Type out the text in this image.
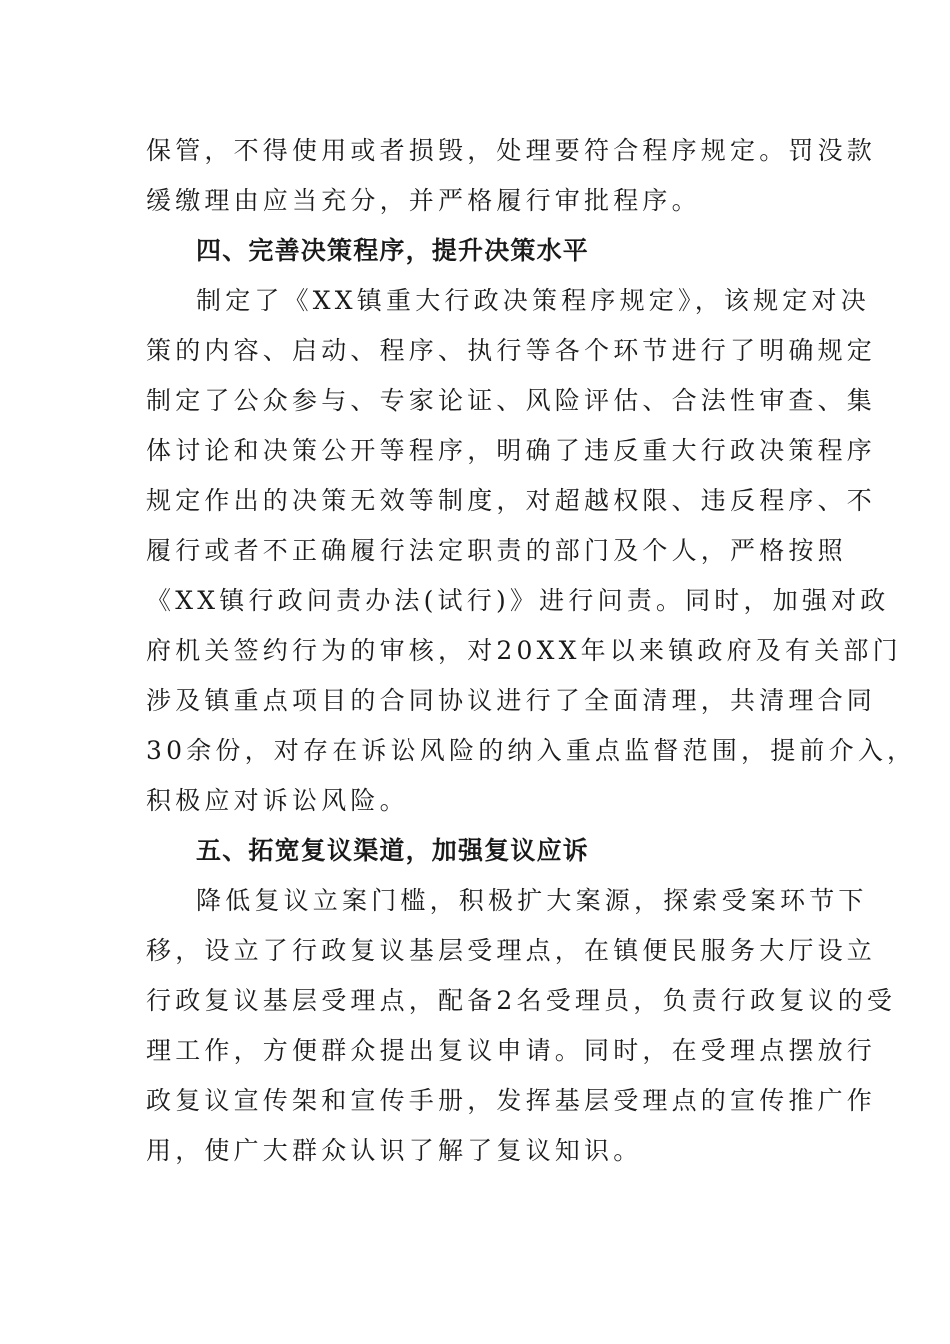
保管，不得使用或者损毁，处理要符合程序规定。罚没款
缓缴理由应当充分，并严格履行审批程序。
四、完善决策程序，提升决策水平
制定了《XX镇重大行政决策程序规定》，该规定对决
策的内容、启动、程序、执行等各个环节进行了明确规定
制定了公众参与、专家论证、风险评估、合法性审查、集
体讨论和决策公开等程序，明确了违反重大行政决策程序
规定作出的决策无效等制度，对超越权限、违反程序、不
履行或者不正确履行法定职责的部门及个人，严格按照
《XX镇行政问责办法(试行)》进行问责。同时，加强对政
府机关签约行为的审核，对20XX年以来镇政府及有关部门
涉及镇重点项目的合同协议进行了全面清理，共清理合同
30余份，对存在诉讼风险的纳入重点监督范围，提前介入，
积极应对诉讼风险。
五、拓宽复议渠道，加强复议应诉
降低复议立案门槛，积极扩大案源，探索受案环节下
移，设立了行政复议基层受理点，在镇便民服务大厅设立
行政复议基层受理点，配备2名受理员，负责行政复议的受
理工作，方便群众提出复议申请。同时，在受理点摆放行
政复议宣传架和宣传手册，发挥基层受理点的宣传推广作
用，使广大群众认识了解了复议知识。
